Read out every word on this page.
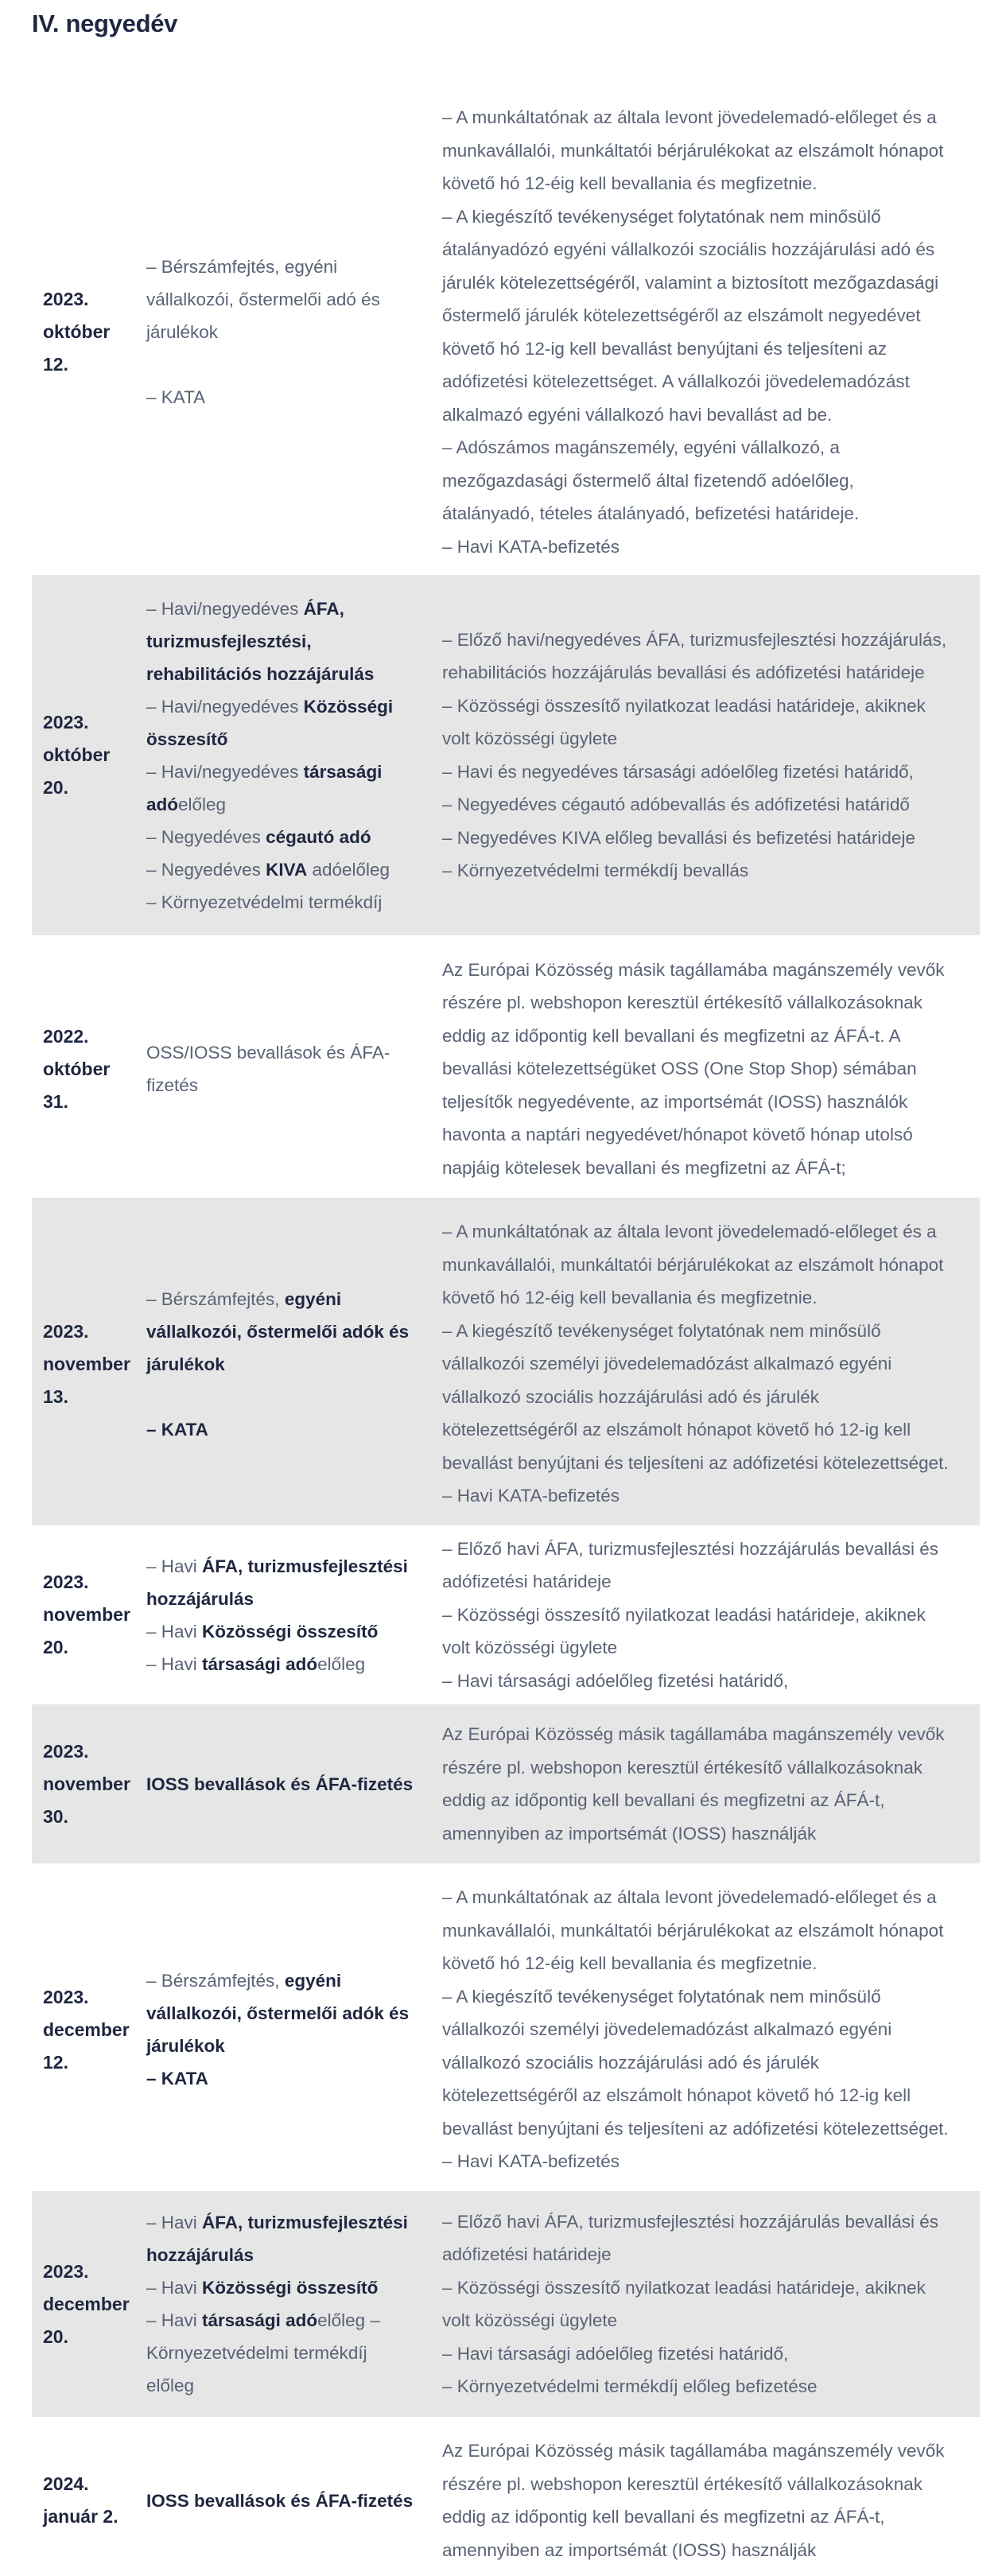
IV. negyedév
2023.
október
12.
– Bérszámfejtés, egyéni
vállalkozói, őstermelői adó és
járulékok
– KATA
– A munkáltatónak az általa levont jövedelemadó-előleget és a
munkavállalói, munkáltatói bérjárulékokat az elszámolt hónapot
követő hó 12-éig kell bevallania és megfizetnie.
– A kiegészítő tevékenységet folytatónak nem minősülő
átalányadózó egyéni vállalkozói szociális hozzájárulási adó és
járulék kötelezettségéről, valamint a biztosított mezőgazdasági
őstermelő járulék kötelezettségéről az elszámolt negyedévet
követő hó 12-ig kell bevallást benyújtani és teljesíteni az
adófizetési kötelezettséget. A vállalkozói jövedelemadózást
alkalmazó egyéni vállalkozó havi bevallást ad be.
– Adószámos magánszemély, egyéni vállalkozó, a
mezőgazdasági őstermelő által fizetendő adóelőleg,
átalányadó, tételes átalányadó, befizetési határideje.
– Havi KATA-befizetés
2023.
október
20.
– Havi/negyedéves ÁFA,
turizmusfejlesztési,
rehabilitációs hozzájárulás
– Havi/negyedéves Közösségi
összesítő
– Havi/negyedéves társasági
adóelőleg
– Negyedéves cégautó adó
– Negyedéves KIVA adóelőleg
– Környezetvédelmi termékdíj
– Előző havi/negyedéves ÁFA, turizmusfejlesztési hozzájárulás,
rehabilitációs hozzájárulás bevallási és adófizetési határideje
– Közösségi összesítő nyilatkozat leadási határideje, akiknek
volt közösségi ügylete
– Havi és negyedéves társasági adóelőleg fizetési határidő,
– Negyedéves cégautó adóbevallás és adófizetési határidő
– Negyedéves KIVA előleg bevallási és befizetési határideje
– Környezetvédelmi termékdíj bevallás
2022.
október
31.
OSS/IOSS bevallások és ÁFA-
fizetés
Az Európai Közösség másik tagállamába magánszemély vevők
részére pl. webshopon keresztül értékesítő vállalkozásoknak
eddig az időpontig kell bevallani és megfizetni az ÁFÁ-t. A
bevallási kötelezettségüket OSS (One Stop Shop) sémában
teljesítők negyedévente, az importsémát (IOSS) használók
havonta a naptári negyedévet/hónapot követő hónap utolsó
napjáig kötelesek bevallani és megfizetni az ÁFÁ-t;
2023.
november
13.
– Bérszámfejtés, egyéni
vállalkozói, őstermelői adók és
járulékok
– KATA
– A munkáltatónak az általa levont jövedelemadó-előleget és a
munkavállalói, munkáltatói bérjárulékokat az elszámolt hónapot
követő hó 12-éig kell bevallania és megfizetnie.
– A kiegészítő tevékenységet folytatónak nem minősülő
vállalkozói személyi jövedelemadózást alkalmazó egyéni
vállalkozó szociális hozzájárulási adó és járulék
kötelezettségéről az elszámolt hónapot követő hó 12-ig kell
bevallást benyújtani és teljesíteni az adófizetési kötelezettséget.
– Havi KATA-befizetés
2023.
november
20.
– Havi ÁFA, turizmusfejlesztési
hozzájárulás
– Havi Közösségi összesítő
– Havi társasági adóelőleg
– Előző havi ÁFA, turizmusfejlesztési hozzájárulás bevallási és
adófizetési határideje
– Közösségi összesítő nyilatkozat leadási határideje, akiknek
volt közösségi ügylete
– Havi társasági adóelőleg fizetési határidő,
2023.
november
30.
IOSS bevallások és ÁFA-fizetés
Az Európai Közösség másik tagállamába magánszemély vevők
részére pl. webshopon keresztül értékesítő vállalkozásoknak
eddig az időpontig kell bevallani és megfizetni az ÁFÁ-t,
amennyiben az importsémát (IOSS) használják
2023.
december
12.
– Bérszámfejtés, egyéni
vállalkozói, őstermelői adók és
járulékok
– KATA
– A munkáltatónak az általa levont jövedelemadó-előleget és a
munkavállalói, munkáltatói bérjárulékokat az elszámolt hónapot
követő hó 12-éig kell bevallania és megfizetnie.
– A kiegészítő tevékenységet folytatónak nem minősülő
vállalkozói személyi jövedelemadózást alkalmazó egyéni
vállalkozó szociális hozzájárulási adó és járulék
kötelezettségéről az elszámolt hónapot követő hó 12-ig kell
bevallást benyújtani és teljesíteni az adófizetési kötelezettséget.
– Havi KATA-befizetés
2023.
december
20.
– Havi ÁFA, turizmusfejlesztési
hozzájárulás
– Havi Közösségi összesítő
– Havi társasági adóelőleg –
Környezetvédelmi termékdíj
előleg
– Előző havi ÁFA, turizmusfejlesztési hozzájárulás bevallási és
adófizetési határideje
– Közösségi összesítő nyilatkozat leadási határideje, akiknek
volt közösségi ügylete
– Havi társasági adóelőleg fizetési határidő,
– Környezetvédelmi termékdíj előleg befizetése
2024.
január 2.
IOSS bevallások és ÁFA-fizetés
Az Európai Közösség másik tagállamába magánszemély vevők
részére pl. webshopon keresztül értékesítő vállalkozásoknak
eddig az időpontig kell bevallani és megfizetni az ÁFÁ-t,
amennyiben az importsémát (IOSS) használják
